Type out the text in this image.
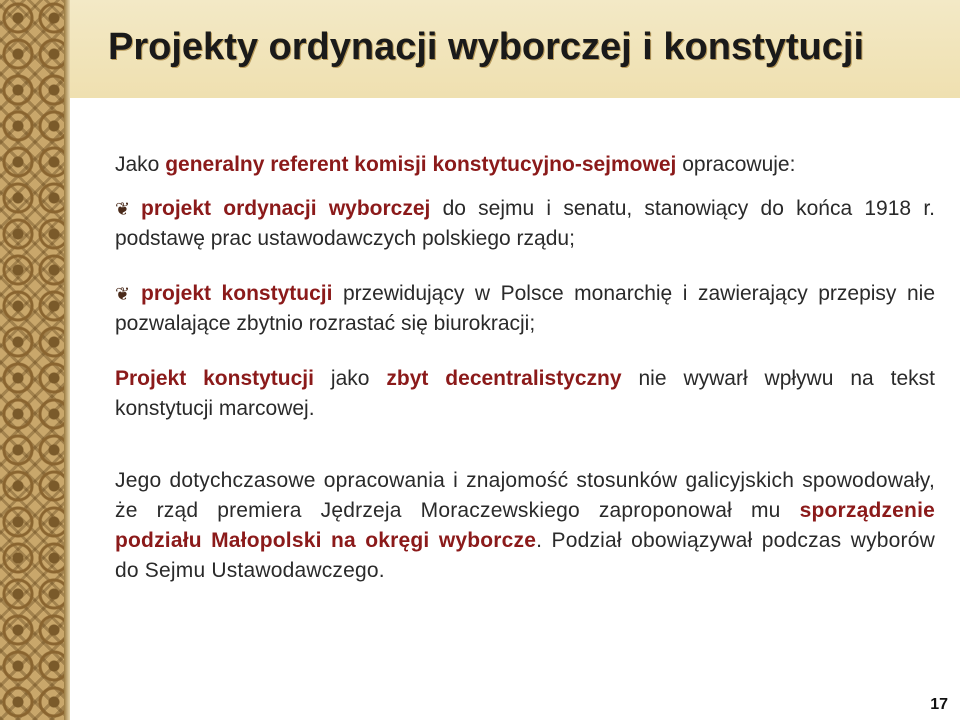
Projekty ordynacji wyborczej i konstytucji

Jako generalny referent komisji konstytucyjno-sejmowej opracowuje:

❦ projekt ordynacji wyborczej do sejmu i senatu, stanowiący do końca 1918 r. podstawę prac ustawodawczych polskiego rządu;

❦ projekt konstytucji przewidujący w Polsce monarchię i zawierający przepisy nie pozwalające zbytnio rozrastać się biurokracji;

Projekt konstytucji jako zbyt decentralistyczny nie wywarł wpływu na tekst konstytucji marcowej.

Jego dotychczasowe opracowania i znajomość stosunków galicyjskich spowodowały, że rząd premiera Jędrzeja Moraczewskiego zaproponował mu sporządzenie podziału Małopolski na okręgi wyborcze. Podział obowiązywał podczas wyborów do Sejmu Ustawodawczego.

17
